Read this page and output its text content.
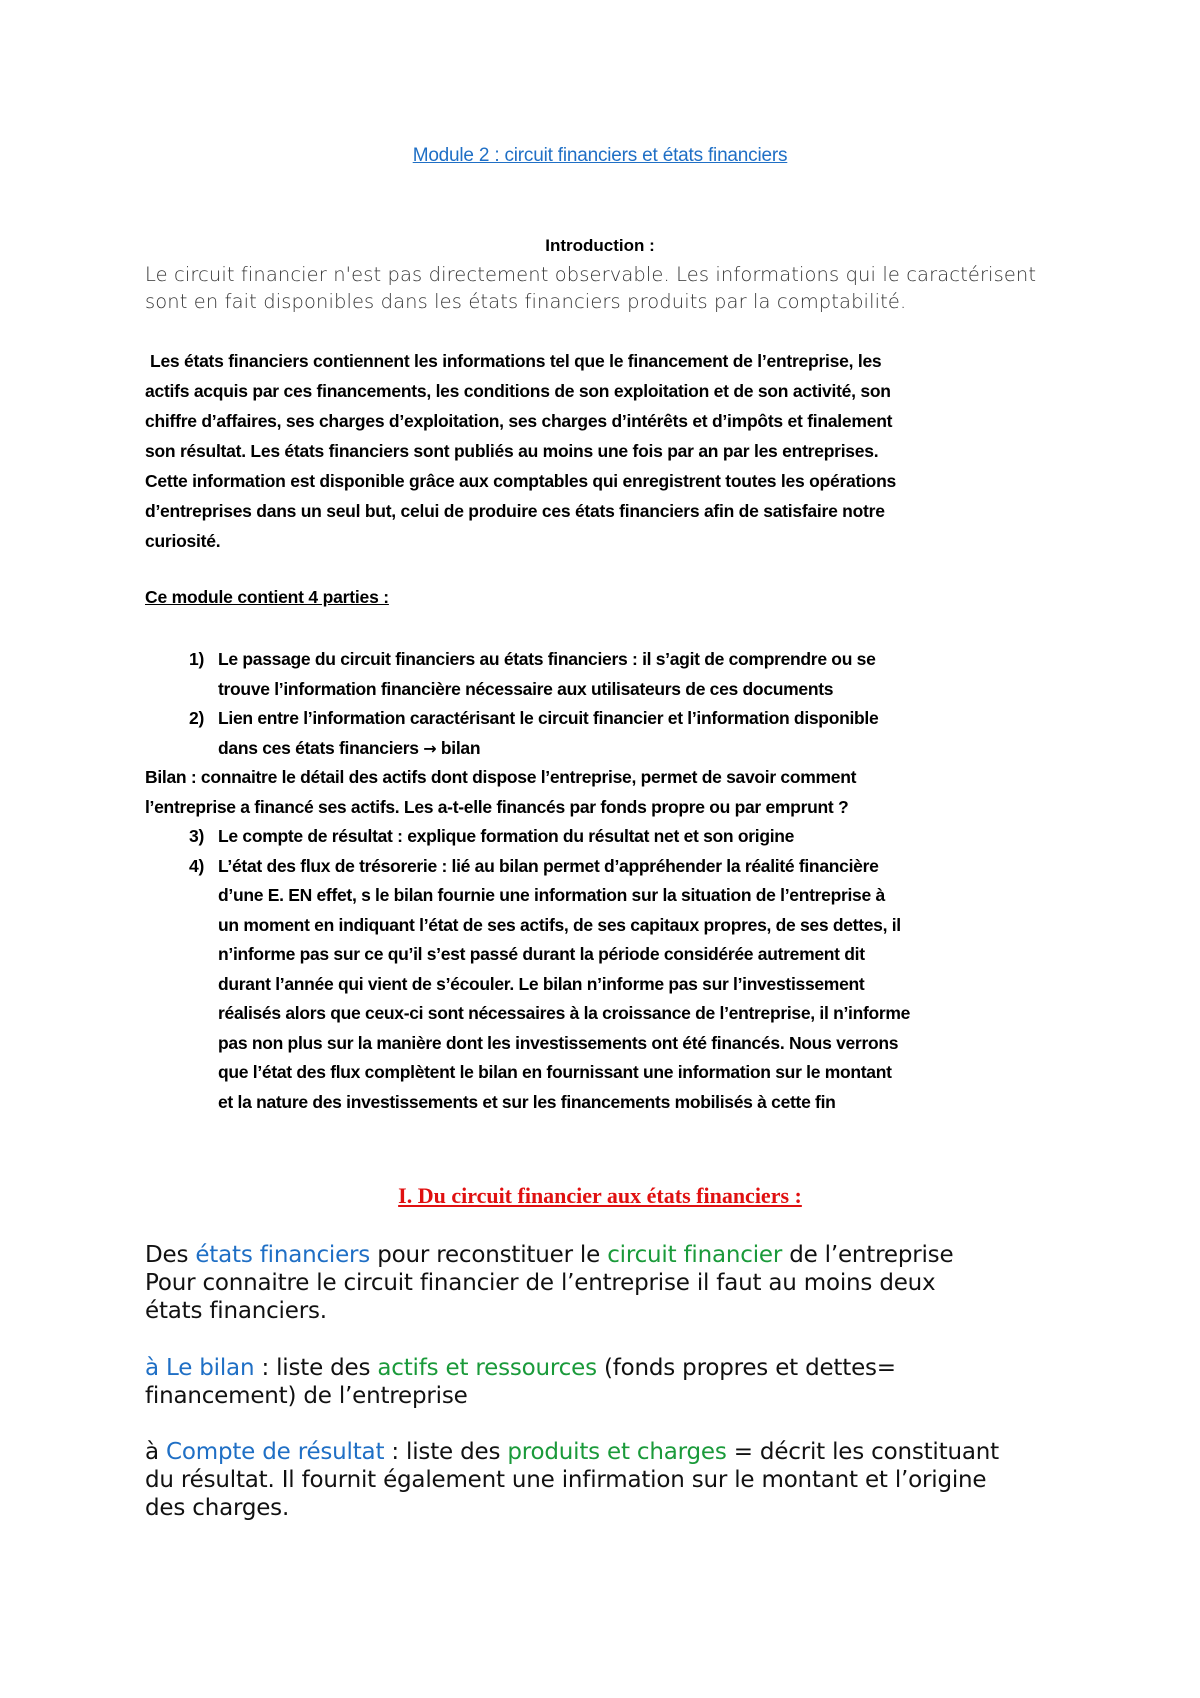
Module 2 : circuit financiers et états financiers
Introduction :
Le circuit financier n'est pas directement observable. Les informations qui le caractérisent sont en fait disponibles dans les états financiers produits par la comptabilité.
Les états financiers contiennent les informations tel que le financement de l’entreprise, les
actifs acquis par ces financements, les conditions de son exploitation et de son activité, son
chiffre d’affaires, ses charges d’exploitation, ses charges d’intérêts et d’impôts et finalement
son résultat. Les états financiers sont publiés au moins une fois par an par les entreprises.
Cette information est disponible grâce aux comptables qui enregistrent toutes les opérations
d’entreprises dans un seul but, celui de produire ces états financiers afin de satisfaire notre
curiosité.
Ce module contient 4 parties :
1) Le passage du circuit financiers au états financiers : il s’agit de comprendre ou se
trouve l’information financière nécessaire aux utilisateurs de ces documents
2) Lien entre l’information caractérisant le circuit financier et l’information disponible
dans ces états financiers → bilan
Bilan : connaitre le détail des actifs dont dispose l’entreprise, permet de savoir comment
l’entreprise a financé ses actifs. Les a-t-elle financés par fonds propre ou par emprunt ?
3) Le compte de résultat : explique formation du résultat net et son origine
4) L’état des flux de trésorerie : lié au bilan permet d’appréhender la réalité financière
d’une E. EN effet, s le bilan fournie une information sur la situation de l’entreprise à
un moment en indiquant l’état de ses actifs, de ses capitaux propres, de ses dettes, il
n’informe pas sur ce qu’il s’est passé durant la période considérée autrement dit
durant l’année qui vient de s’écouler. Le bilan n’informe pas sur l’investissement
réalisés alors que ceux-ci sont nécessaires à la croissance de l’entreprise, il n’informe
pas non plus sur la manière dont les investissements ont été financés. Nous verrons
que l’état des flux complètent le bilan en fournissant une information sur le montant
et la nature des investissements et sur les financements mobilisés à cette fin
I. Du circuit financier aux états financiers :
Des états financiers pour reconstituer le circuit financier de l’entreprise
Pour connaitre le circuit financier de l’entreprise il faut au moins deux
états financiers.
à Le bilan : liste des actifs et ressources (fonds propres et dettes=
financement) de l’entreprise
à Compte de résultat : liste des produits et charges = décrit les constituant
du résultat. Il fournit également une infirmation sur le montant et l’origine
des charges.
